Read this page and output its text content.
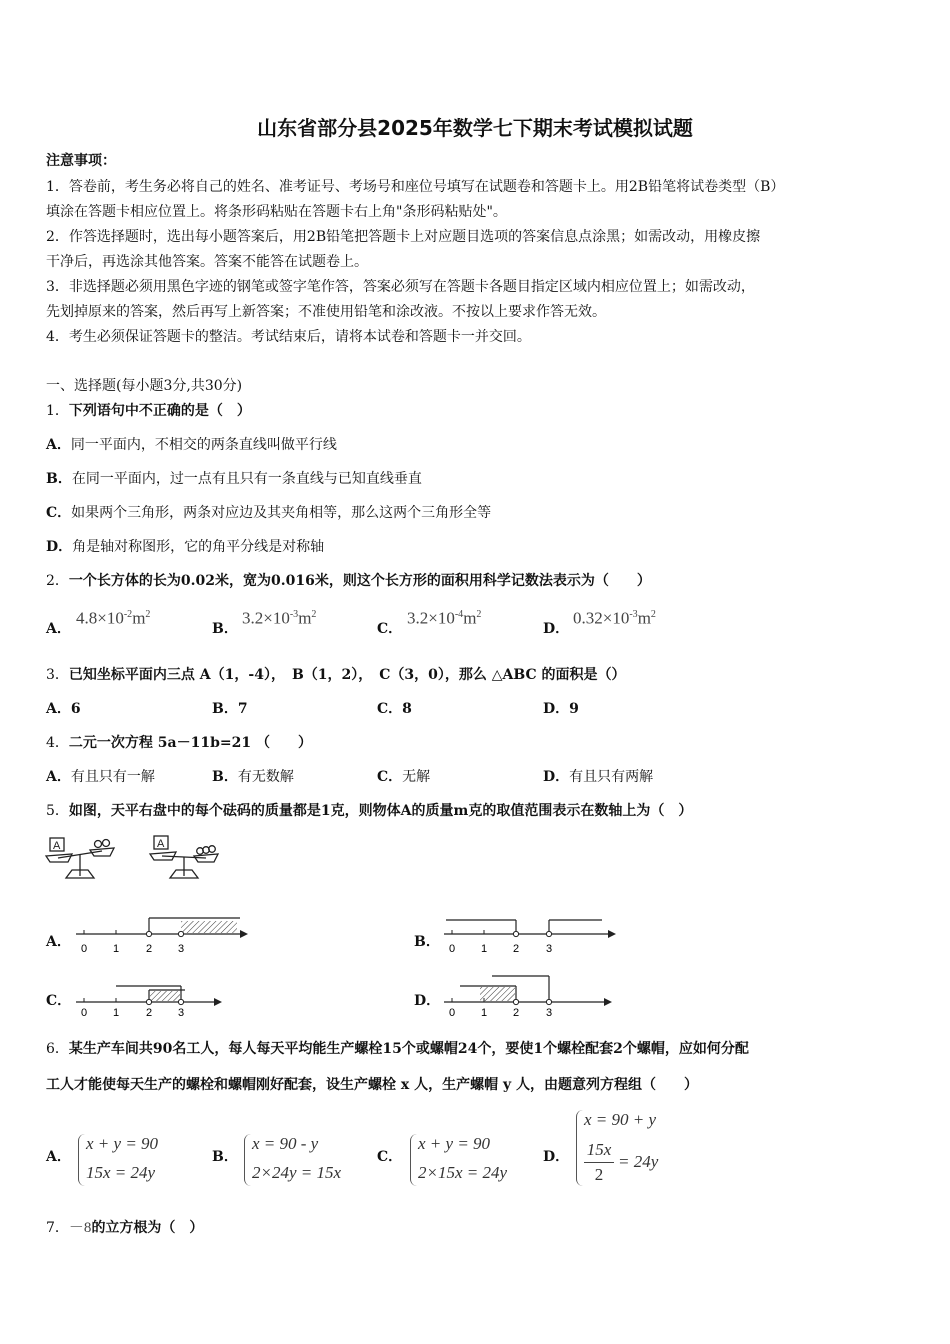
山东省部分县2025年数学七下期末考试模拟试题
注意事项：
1．答卷前，考生务必将自己的姓名、准考证号、考场号和座位号填写在试题卷和答题卡上。用2B铅笔将试卷类型（B）
填涂在答题卡相应位置上。将条形码粘贴在答题卡右上角"条形码粘贴处"。
2．作答选择题时，选出每小题答案后，用2B铅笔把答题卡上对应题目选项的答案信息点涂黑；如需改动，用橡皮擦
干净后，再选涂其他答案。答案不能答在试题卷上。
3．非选择题必须用黑色字迹的钢笔或签字笔作答，答案必须写在答题卡各题目指定区域内相应位置上；如需改动，
先划掉原来的答案，然后再写上新答案；不准使用铅笔和涂改液。不按以上要求作答无效。
4．考生必须保证答题卡的整洁。考试结束后，请将本试卷和答题卡一并交回。
一、选择题(每小题3分,共30分)
1．下列语句中不正确的是（　）
A．同一平面内，不相交的两条直线叫做平行线
B．在同一平面内，过一点有且只有一条直线与已知直线垂直
C．如果两个三角形，两条对应边及其夹角相等，那么这两个三角形全等
D．角是轴对称图形，它的角平分线是对称轴
2．一个长方体的长为0.02米，宽为0.016米，则这个长方形的面积用科学记数法表示为（　　）
A．
$4.8\times 10^{-2}m^2$
B．
$3.2\times 10^{-3}m^2$
C．
$3.2\times 10^{-4}m^2$
D．
$0.32\times 10^{-3}m^2$
3．已知坐标平面内三点 A（1，-4），　B（1，2），　C（3，0），那么 △ABC 的面积是（）
A．6	B．7	C．8	D．9
4．二元一次方程 5a－11b=21 （　　）
A．有且只有一解	B．有无数解	C．无解	D．有且只有两解
5．如图，天平右盘中的每个砝码的质量都是1克，则物体A的质量m克的取值范围表示在数轴上为（　）
A	A
A． 0 1 2 3	B． 0 1 2 3
C．
0 1 2 3
D．
0 1 2 3
6．某生产车间共90名工人，每人每天平均能生产螺栓15个或螺帽24个，要使1个螺栓配套2个螺帽，应如何分配
工人才能使每天生产的螺栓和螺帽刚好配套，设生产螺栓 x 人，生产螺帽 y 人，由题意列方程组（　　）
A．
x + y = 90
15x = 24y
B．
x = 90 - y
2×24y = 15x
C．
x + y = 90
2×15x = 24y
D．
x = 90 + y
15x
2
= 24y
7．－8的立方根为（　）
